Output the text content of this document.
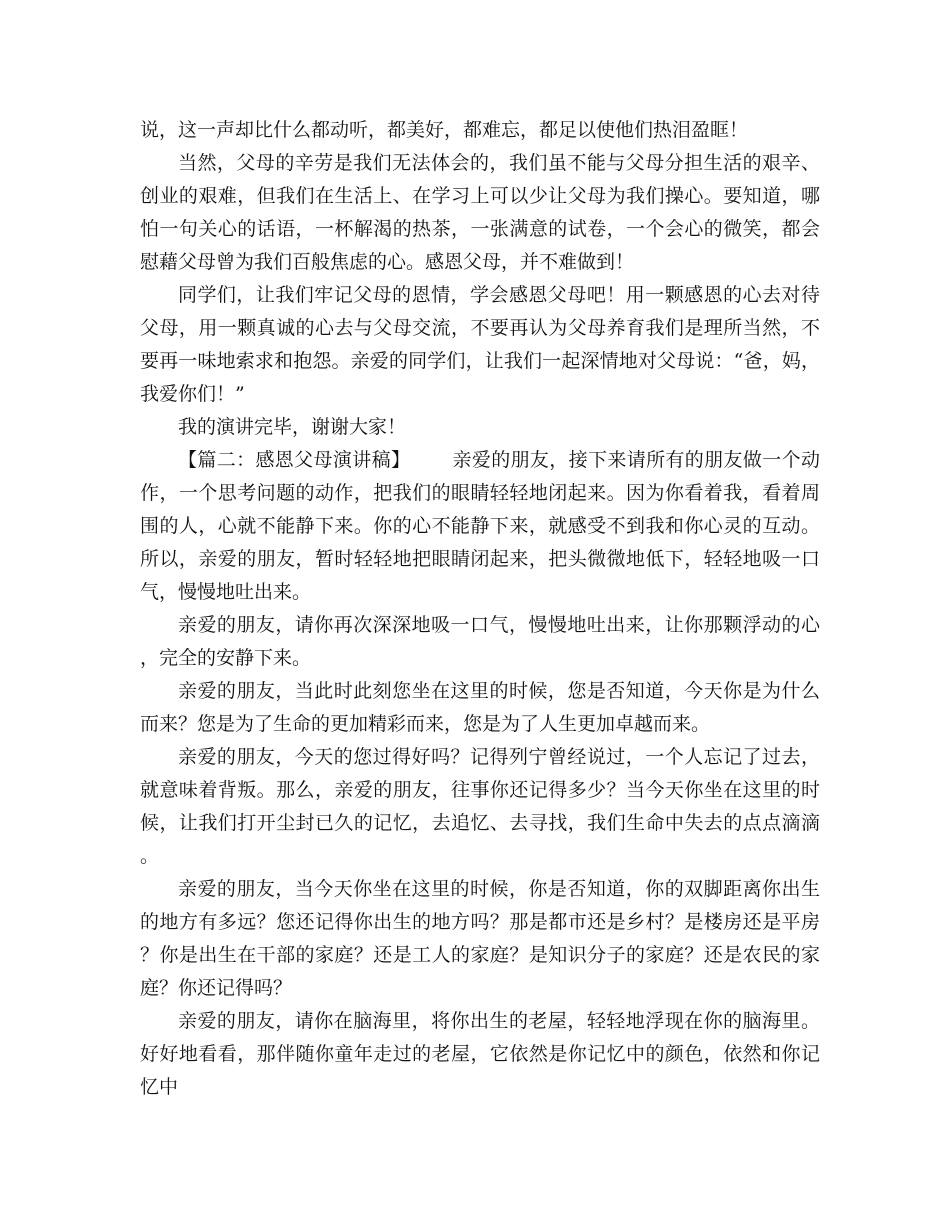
说，这一声却比什么都动听，都美好，都难忘，都足以使他们热泪盈眶！

当然，父母的辛劳是我们无法体会的，我们虽不能与父母分担生活的艰辛、创业的艰难，但我们在生活上、在学习上可以少让父母为我们操心。要知道，哪怕一句关心的话语，一杯解渴的热茶，一张满意的试卷，一个会心的微笑，都会慰藉父母曾为我们百般焦虑的心。感恩父母，并不难做到！

同学们，让我们牢记父母的恩情，学会感恩父母吧！用一颗感恩的心去对待父母，用一颗真诚的心去与父母交流，不要再认为父母养育我们是理所当然，不要再一味地索求和抱怨。亲爱的同学们，让我们一起深情地对父母说：“爸，妈，我爱你们！”

我的演讲完毕，谢谢大家！

【篇二：感恩父母演讲稿】 亲爱的朋友，接下来请所有的朋友做一个动作，一个思考问题的动作，把我们的眼睛轻轻地闭起来。因为你看着我，看着周围的人，心就不能静下来。你的心不能静下来，就感受不到我和你心灵的互动。所以，亲爱的朋友，暂时轻轻地把眼睛闭起来，把头微微地低下，轻轻地吸一口气，慢慢地吐出来。

亲爱的朋友，请你再次深深地吸一口气，慢慢地吐出来，让你那颗浮动的心，完全的安静下来。

亲爱的朋友，当此时此刻您坐在这里的时候，您是否知道，今天你是为什么而来？您是为了生命的更加精彩而来，您是为了人生更加卓越而来。

亲爱的朋友，今天的您过得好吗？记得列宁曾经说过，一个人忘记了过去，就意味着背叛。那么，亲爱的朋友，往事你还记得多少？当今天你坐在这里的时候，让我们打开尘封已久的记忆，去追忆、去寻找，我们生命中失去的点点滴滴。

亲爱的朋友，当今天你坐在这里的时候，你是否知道，你的双脚距离你出生的地方有多远？您还记得你出生的地方吗？那是都市还是乡村？是楼房还是平房？你是出生在干部的家庭？还是工人的家庭？是知识分子的家庭？还是农民的家庭？你还记得吗？

亲爱的朋友，请你在脑海里，将你出生的老屋，轻轻地浮现在你的脑海里。好好地看看，那伴随你童年走过的老屋，它依然是你记忆中的颜色，依然和你记忆中
